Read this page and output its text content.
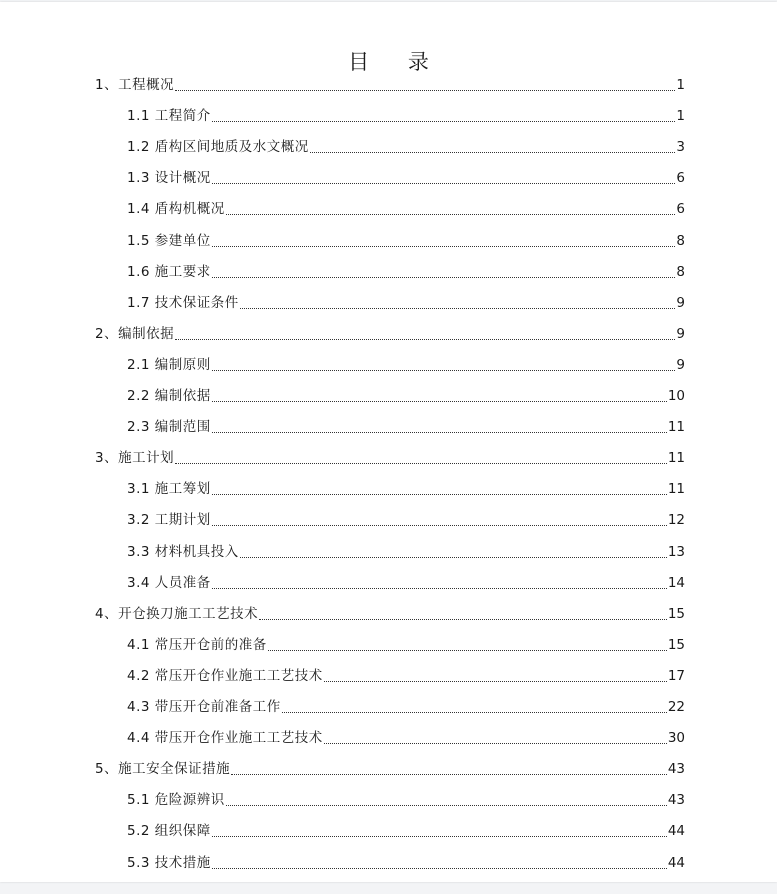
目 录
1、工程概况	1
1.1 工程简介	1
1.2 盾构区间地质及水文概况	3
1.3 设计概况	6
1.4 盾构机概况	6
1.5 参建单位	8
1.6 施工要求	8
1.7 技术保证条件	9
2、编制依据	9
2.1 编制原则	9
2.2 编制依据	10
2.3 编制范围	11
3、施工计划	11
3.1 施工筹划	11
3.2 工期计划	12
3.3 材料机具投入	13
3.4 人员准备	14
4、开仓换刀施工工艺技术	15
4.1 常压开仓前的准备	15
4.2 常压开仓作业施工工艺技术	17
4.3 带压开仓前准备工作	22
4.4 带压开仓作业施工工艺技术	30
5、施工安全保证措施	43
5.1 危险源辨识	43
5.2 组织保障	44
5.3 技术措施	44
